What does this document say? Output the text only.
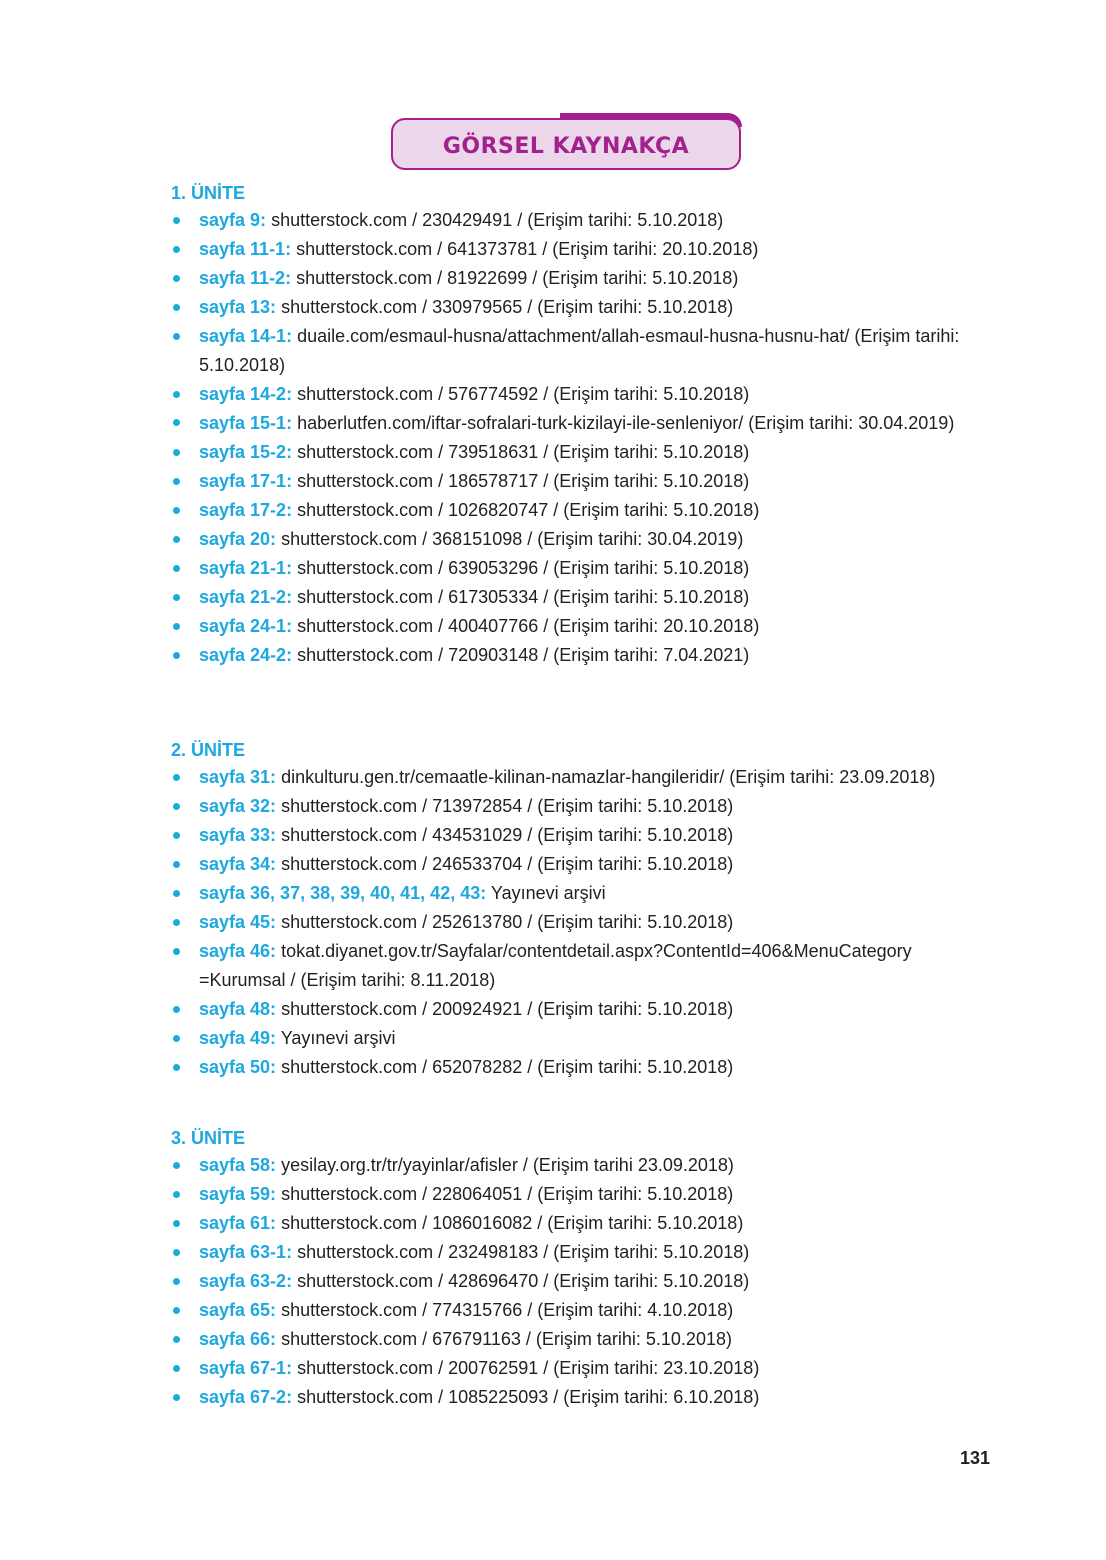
GÖRSEL KAYNAKÇA
1. ÜNİTE
sayfa 9: shutterstock.com / 230429491 / (Erişim tarihi: 5.10.2018)
sayfa 11-1: shutterstock.com / 641373781 / (Erişim tarihi: 20.10.2018)
sayfa 11-2: shutterstock.com / 81922699 / (Erişim tarihi: 5.10.2018)
sayfa 13: shutterstock.com / 330979565 / (Erişim tarihi: 5.10.2018)
sayfa 14-1: duaile.com/esmaul-husna/attachment/allah-esmaul-husna-husnu-hat/ (Erişim tarihi: 5.10.2018)
sayfa 14-2: shutterstock.com / 576774592 / (Erişim tarihi: 5.10.2018)
sayfa 15-1: haberlutfen.com/iftar-sofralari-turk-kizilayi-ile-senleniyor/ (Erişim tarihi: 30.04.2019)
sayfa 15-2: shutterstock.com / 739518631 / (Erişim tarihi: 5.10.2018)
sayfa 17-1: shutterstock.com / 186578717 / (Erişim tarihi: 5.10.2018)
sayfa 17-2: shutterstock.com / 1026820747 / (Erişim tarihi: 5.10.2018)
sayfa 20: shutterstock.com / 368151098 / (Erişim tarihi: 30.04.2019)
sayfa 21-1: shutterstock.com / 639053296 / (Erişim tarihi: 5.10.2018)
sayfa 21-2: shutterstock.com / 617305334 / (Erişim tarihi: 5.10.2018)
sayfa 24-1: shutterstock.com / 400407766 / (Erişim tarihi: 20.10.2018)
sayfa 24-2: shutterstock.com / 720903148 / (Erişim tarihi: 7.04.2021)
2. ÜNİTE
sayfa 31: dinkulturu.gen.tr/cemaatle-kilinan-namazlar-hangileridir/ (Erişim tarihi: 23.09.2018)
sayfa 32: shutterstock.com / 713972854 / (Erişim tarihi: 5.10.2018)
sayfa 33: shutterstock.com / 434531029 / (Erişim tarihi: 5.10.2018)
sayfa 34: shutterstock.com / 246533704 / (Erişim tarihi: 5.10.2018)
sayfa 36, 37, 38, 39, 40, 41, 42, 43: Yayınevi arşivi
sayfa 45: shutterstock.com / 252613780 / (Erişim tarihi: 5.10.2018)
sayfa 46: tokat.diyanet.gov.tr/Sayfalar/contentdetail.aspx?ContentId=406&MenuCategory =Kurumsal / (Erişim tarihi: 8.11.2018)
sayfa 48: shutterstock.com / 200924921 / (Erişim tarihi: 5.10.2018)
sayfa 49: Yayınevi arşivi
sayfa 50: shutterstock.com / 652078282 / (Erişim tarihi: 5.10.2018)
3. ÜNİTE
sayfa 58: yesilay.org.tr/tr/yayinlar/afisler / (Erişim tarihi 23.09.2018)
sayfa 59: shutterstock.com / 228064051 / (Erişim tarihi: 5.10.2018)
sayfa 61: shutterstock.com / 1086016082 / (Erişim tarihi: 5.10.2018)
sayfa 63-1: shutterstock.com / 232498183 / (Erişim tarihi: 5.10.2018)
sayfa 63-2: shutterstock.com / 428696470 / (Erişim tarihi: 5.10.2018)
sayfa 65: shutterstock.com / 774315766 / (Erişim tarihi: 4.10.2018)
sayfa 66: shutterstock.com / 676791163 / (Erişim tarihi: 5.10.2018)
sayfa 67-1: shutterstock.com / 200762591 / (Erişim tarihi: 23.10.2018)
sayfa 67-2: shutterstock.com / 1085225093 / (Erişim tarihi: 6.10.2018)
131
